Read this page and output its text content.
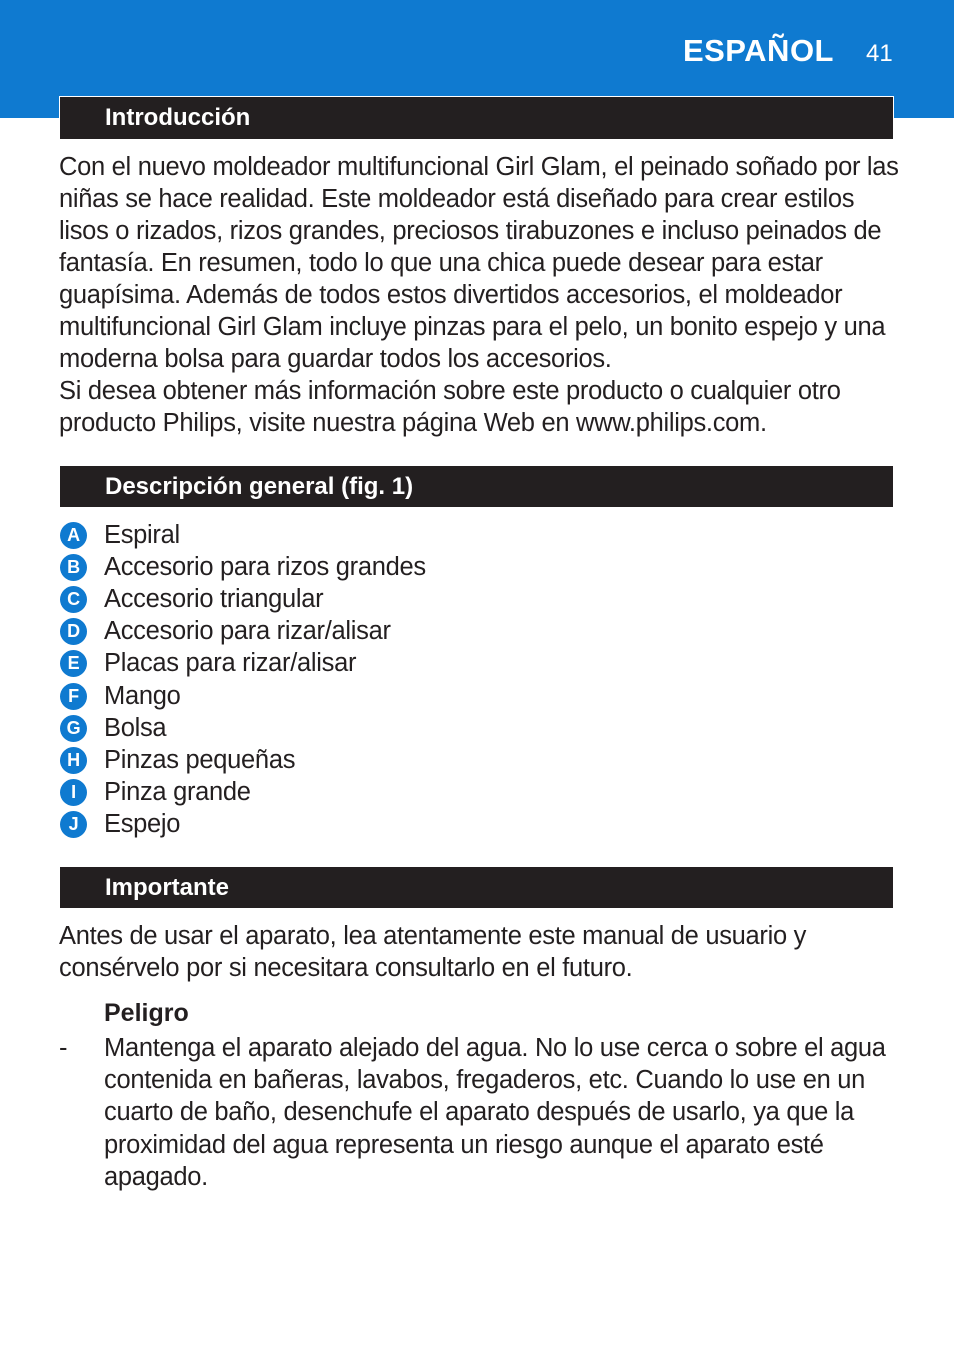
ESPAÑOL 41
Introducción
Con el nuevo moldeador multifuncional Girl Glam, el peinado soñado por las niñas se hace realidad. Este moldeador está diseñado para crear estilos lisos o rizados, rizos grandes, preciosos tirabuzones e incluso peinados de fantasía. En resumen, todo lo que una chica puede desear para estar guapísima. Además de todos estos divertidos accesorios, el moldeador multifuncional Girl Glam incluye pinzas para el pelo, un bonito espejo y una moderna bolsa para guardar todos los accesorios.
Si desea obtener más información sobre este producto o cualquier otro producto Philips, visite nuestra página Web en www.philips.com.
Descripción general (fig. 1)
A Espiral
B Accesorio para rizos grandes
C Accesorio triangular
D Accesorio para rizar/alisar
E Placas para rizar/alisar
F Mango
G Bolsa
H Pinzas pequeñas
I	Pinza grande
J	Espejo
Importante
Antes de usar el aparato, lea atentamente este manual de usuario y consérvelo por si necesitara consultarlo en el futuro.
Peligro
-	Mantenga el aparato alejado del agua. No lo use cerca o sobre el agua contenida en bañeras, lavabos, fregaderos, etc. Cuando lo use en un cuarto de baño, desenchufe el aparato después de usarlo, ya que la proximidad del agua representa un riesgo aunque el aparato esté apagado.
